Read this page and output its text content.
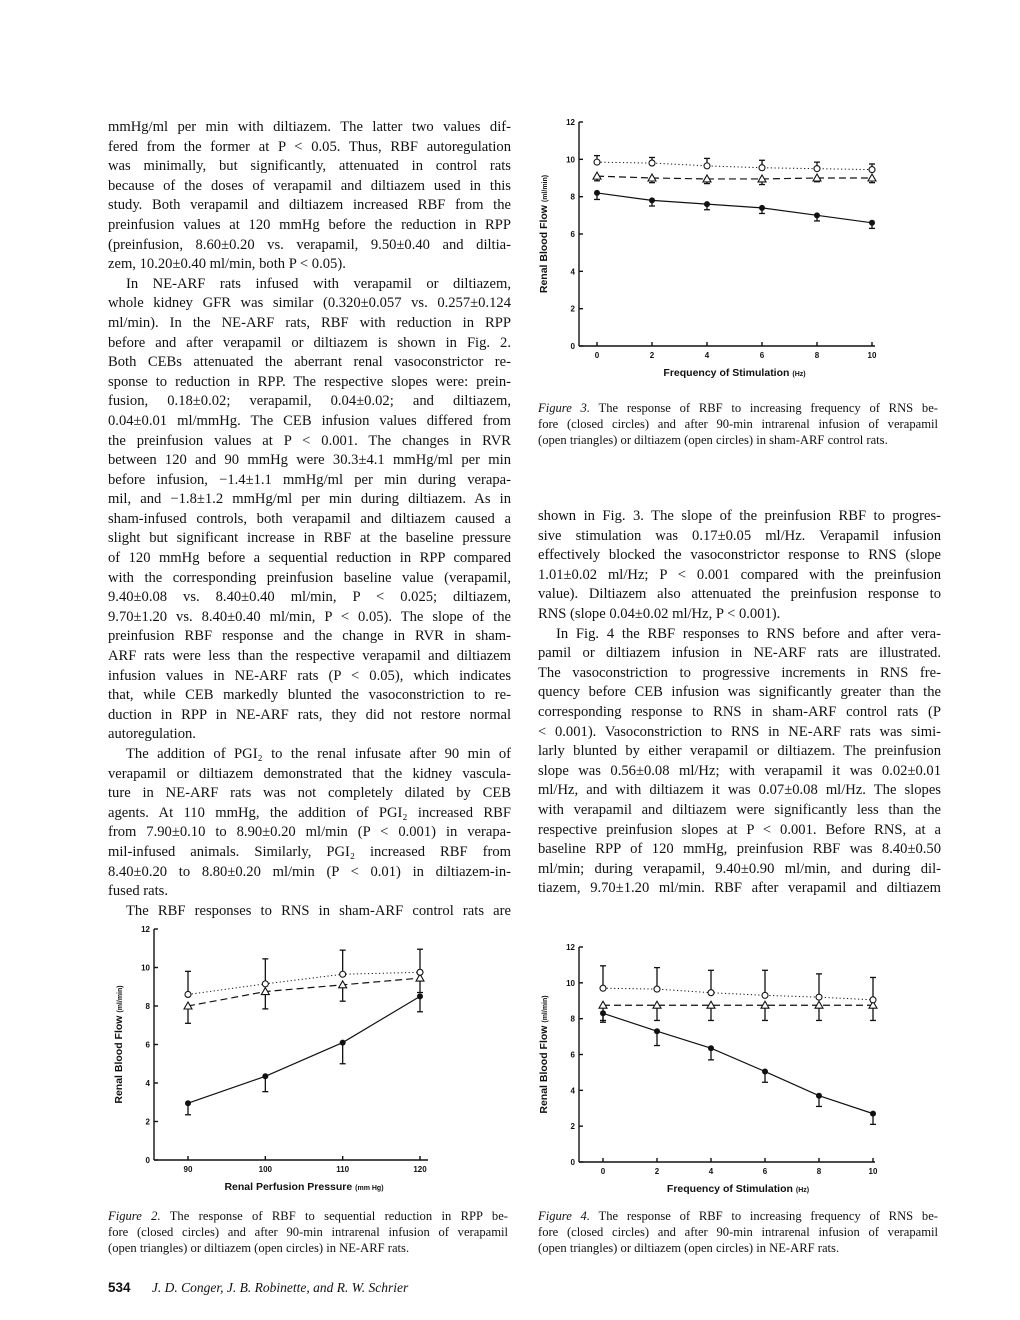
mmHg/ml per min with diltiazem. The latter two values dif-
fered from the former at P < 0.05. Thus, RBF autoregulation
was minimally, but significantly, attenuated in control rats
because of the doses of verapamil and diltiazem used in this
study. Both verapamil and diltiazem increased RBF from the
preinfusion values at 120 mmHg before the reduction in RPP
(preinfusion, 8.60±0.20 vs. verapamil, 9.50±0.40 and diltia-
zem, 10.20±0.40 ml/min, both P < 0.05).
In NE-ARF rats infused with verapamil or diltiazem,
whole kidney GFR was similar (0.320±0.057 vs. 0.257±0.124
ml/min). In the NE-ARF rats, RBF with reduction in RPP
before and after verapamil or diltiazem is shown in Fig. 2.
Both CEBs attenuated the aberrant renal vasoconstrictor re-
sponse to reduction in RPP. The respective slopes were: prein-
fusion, 0.18±0.02; verapamil, 0.04±0.02; and diltiazem,
0.04±0.01 ml/mmHg. The CEB infusion values differed from
the preinfusion values at P < 0.001. The changes in RVR
between 120 and 90 mmHg were 30.3±4.1 mmHg/ml per min
before infusion, −1.4±1.1 mmHg/ml per min during verapa-
mil, and −1.8±1.2 mmHg/ml per min during diltiazem. As in
sham-infused controls, both verapamil and diltiazem caused a
slight but significant increase in RBF at the baseline pressure
of 120 mmHg before a sequential reduction in RPP compared
with the corresponding preinfusion baseline value (verapamil,
9.40±0.08 vs. 8.40±0.40 ml/min, P < 0.025; diltiazem,
9.70±1.20 vs. 8.40±0.40 ml/min, P < 0.05). The slope of the
preinfusion RBF response and the change in RVR in sham-
ARF rats were less than the respective verapamil and diltiazem
infusion values in NE-ARF rats (P < 0.05), which indicates
that, while CEB markedly blunted the vasoconstriction to re-
duction in RPP in NE-ARF rats, they did not restore normal
autoregulation.
The addition of PGI₂ to the renal infusate after 90 min of
verapamil or diltiazem demonstrated that the kidney vascula-
ture in NE-ARF rats was not completely dilated by CEB
agents. At 110 mmHg, the addition of PGI₂ increased RBF
from 7.90±0.10 to 8.90±0.20 ml/min (P < 0.001) in verapa-
mil-infused animals. Similarly, PGI₂ increased RBF from
8.40±0.20 to 8.80±0.20 ml/min (P < 0.01) in diltiazem-in-
fused rats.
The RBF responses to RNS in sham-ARF control rats are
shown in Fig. 3. The slope of the preinfusion RBF to progres-
sive stimulation was 0.17±0.05 ml/Hz. Verapamil infusion
effectively blocked the vasoconstrictor response to RNS (slope
1.01±0.02 ml/Hz; P < 0.001 compared with the preinfusion
value). Diltiazem also attenuated the preinfusion response to
RNS (slope 0.04±0.02 ml/Hz, P < 0.001).
In Fig. 4 the RBF responses to RNS before and after vera-
pamil or diltiazem infusion in NE-ARF rats are illustrated.
The vasoconstriction to progressive increments in RNS fre-
quency before CEB infusion was significantly greater than the
corresponding response to RNS in sham-ARF control rats (P
< 0.001). Vasoconstriction to RNS in NE-ARF rats was simi-
larly blunted by either verapamil or diltiazem. The preinfusion
slope was 0.56±0.08 ml/Hz; with verapamil it was 0.02±0.01
ml/Hz, and with diltiazem it was 0.07±0.08 ml/Hz. The slopes
with verapamil and diltiazem were significantly less than the
respective preinfusion slopes at P < 0.001. Before RNS, at a
baseline RPP of 120 mmHg, preinfusion RBF was 8.40±0.50
ml/min; during verapamil, 9.40±0.90 ml/min, and during dil-
tiazem, 9.70±1.20 ml/min. RBF after verapamil and diltiazem
0
2
4
6
8
10
12
0	2	4	6	8	10
Frequency of Stimulation (Hz)
Renal Blood Flow (ml/min)
0
2
4
6
8
10
12
90	100	110	120
Renal Perfusion Pressure (mm Hg)
Renal Blood Flow (ml/min)
0
2
4
6
8
10
12
0	2	4	6	8	10
Frequency of Stimulation (Hz)
Renal Blood Flow (ml/min)
Figure 3. The response of RBF to increasing frequency of RNS be-
fore (closed circles) and after 90-min intrarenal infusion of verapamil
(open triangles) or diltiazem (open circles) in sham-ARF control rats.
Figure 2. The response of RBF to sequential reduction in RPP be-
fore (closed circles) and after 90-min intrarenal infusion of verapamil
(open triangles) or diltiazem (open circles) in NE-ARF rats.
Figure 4. The response of RBF to increasing frequency of RNS be-
fore (closed circles) and after 90-min intrarenal infusion of verapamil
(open triangles) or diltiazem (open circles) in NE-ARF rats.
534 J. D. Conger, J. B. Robinette, and R. W. Schrier
